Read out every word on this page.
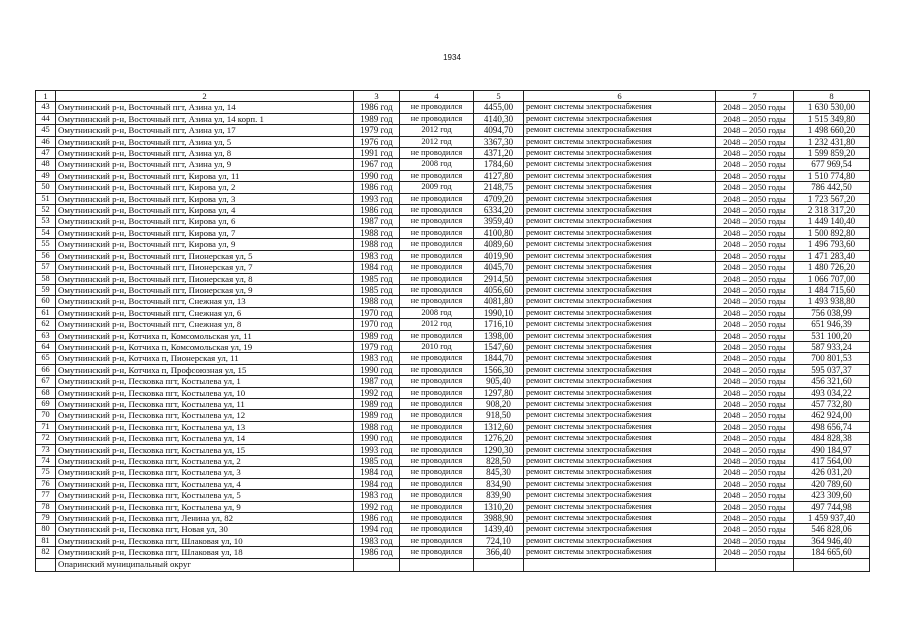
1934
1	2	3	4	5	6	7	8
43	Омутнинский р-н, Восточный пгт, Азина ул, 14	1986 год	не проводился	4455,00	ремонт системы электроснабжения	2048 – 2050 годы	1 630 530,00
44	Омутнинский р-н, Восточный пгт, Азина ул, 14 корп. 1	1989 год	не проводился	4140,30	ремонт системы электроснабжения	2048 – 2050 годы	1 515 349,80
45	Омутнинский р-н, Восточный пгт, Азина ул, 17	1979 год	2012 год	4094,70	ремонт системы электроснабжения	2048 – 2050 годы	1 498 660,20
46	Омутнинский р-н, Восточный пгт, Азина ул, 5	1976 год	2012 год	3367,30	ремонт системы электроснабжения	2048 – 2050 годы	1 232 431,80
47	Омутнинский р-н, Восточный пгт, Азина ул, 8	1991 год	не проводился	4371,20	ремонт системы электроснабжения	2048 – 2050 годы	1 599 859,20
48	Омутнинский р-н, Восточный пгт, Азина ул, 9	1967 год	2008 год	1784,60	ремонт системы электроснабжения	2048 – 2050 годы	677 969,54
49	Омутнинский р-н, Восточный пгт, Кирова ул, 11	1990 год	не проводился	4127,80	ремонт системы электроснабжения	2048 – 2050 годы	1 510 774,80
50	Омутнинский р-н, Восточный пгт, Кирова ул, 2	1986 год	2009 год	2148,75	ремонт системы электроснабжения	2048 – 2050 годы	786 442,50
51	Омутнинский р-н, Восточный пгт, Кирова ул, 3	1993 год	не проводился	4709,20	ремонт системы электроснабжения	2048 – 2050 годы	1 723 567,20
52	Омутнинский р-н, Восточный пгт, Кирова ул, 4	1986 год	не проводился	6334,20	ремонт системы электроснабжения	2048 – 2050 годы	2 318 317,20
53	Омутнинский р-н, Восточный пгт, Кирова ул, 6	1987 год	не проводился	3959,40	ремонт системы электроснабжения	2048 – 2050 годы	1 449 140,40
54	Омутнинский р-н, Восточный пгт, Кирова ул, 7	1988 год	не проводился	4100,80	ремонт системы электроснабжения	2048 – 2050 годы	1 500 892,80
55	Омутнинский р-н, Восточный пгт, Кирова ул, 9	1988 год	не проводился	4089,60	ремонт системы электроснабжения	2048 – 2050 годы	1 496 793,60
56	Омутнинский р-н, Восточный пгт, Пионерская ул, 5	1983 год	не проводился	4019,90	ремонт системы электроснабжения	2048 – 2050 годы	1 471 283,40
57	Омутнинский р-н, Восточный пгт, Пионерская ул, 7	1984 год	не проводился	4045,70	ремонт системы электроснабжения	2048 – 2050 годы	1 480 726,20
58	Омутнинский р-н, Восточный пгт, Пионерская ул, 8	1985 год	не проводился	2914,50	ремонт системы электроснабжения	2048 – 2050 годы	1 066 707,00
59	Омутнинский р-н, Восточный пгт, Пионерская ул, 9	1985 год	не проводился	4056,60	ремонт системы электроснабжения	2048 – 2050 годы	1 484 715,60
60	Омутнинский р-н, Восточный пгт, Снежная ул, 13	1988 год	не проводился	4081,80	ремонт системы электроснабжения	2048 – 2050 годы	1 493 938,80
61	Омутнинский р-н, Восточный пгт, Снежная ул, 6	1970 год	2008 год	1990,10	ремонт системы электроснабжения	2048 – 2050 годы	756 038,99
62	Омутнинский р-н, Восточный пгт, Снежная ул, 8	1970 год	2012 год	1716,10	ремонт системы электроснабжения	2048 – 2050 годы	651 946,39
63	Омутнинский р-н, Котчиха п, Комсомольская ул, 11	1989 год	не проводился	1398,00	ремонт системы электроснабжения	2048 – 2050 годы	531 100,20
64	Омутнинский р-н, Котчиха п, Комсомольская ул, 19	1979 год	2010 год	1547,60	ремонт системы электроснабжения	2048 – 2050 годы	587 933,24
65	Омутнинский р-н, Котчиха п, Пионерская ул, 11	1983 год	не проводился	1844,70	ремонт системы электроснабжения	2048 – 2050 годы	700 801,53
66	Омутнинский р-н, Котчиха п, Профсоюзная ул, 15	1990 год	не проводился	1566,30	ремонт системы электроснабжения	2048 – 2050 годы	595 037,37
67	Омутнинский р-н, Песковка пгт, Костылева ул, 1	1987 год	не проводился	905,40	ремонт системы электроснабжения	2048 – 2050 годы	456 321,60
68	Омутнинский р-н, Песковка пгт, Костылева ул, 10	1992 год	не проводился	1297,80	ремонт системы электроснабжения	2048 – 2050 годы	493 034,22
69	Омутнинский р-н, Песковка пгт, Костылева ул, 11	1989 год	не проводился	908,20	ремонт системы электроснабжения	2048 – 2050 годы	457 732,80
70	Омутнинский р-н, Песковка пгт, Костылева ул, 12	1989 год	не проводился	918,50	ремонт системы электроснабжения	2048 – 2050 годы	462 924,00
71	Омутнинский р-н, Песковка пгт, Костылева ул, 13	1988 год	не проводился	1312,60	ремонт системы электроснабжения	2048 – 2050 годы	498 656,74
72	Омутнинский р-н, Песковка пгт, Костылева ул, 14	1990 год	не проводился	1276,20	ремонт системы электроснабжения	2048 – 2050 годы	484 828,38
73	Омутнинский р-н, Песковка пгт, Костылева ул, 15	1993 год	не проводился	1290,30	ремонт системы электроснабжения	2048 – 2050 годы	490 184,97
74	Омутнинский р-н, Песковка пгт, Костылева ул, 2	1985 год	не проводился	828,50	ремонт системы электроснабжения	2048 – 2050 годы	417 564,00
75	Омутнинский р-н, Песковка пгт, Костылева ул, 3	1984 год	не проводился	845,30	ремонт системы электроснабжения	2048 – 2050 годы	426 031,20
76	Омутнинский р-н, Песковка пгт, Костылева ул, 4	1984 год	не проводился	834,90	ремонт системы электроснабжения	2048 – 2050 годы	420 789,60
77	Омутнинский р-н, Песковка пгт, Костылева ул, 5	1983 год	не проводился	839,90	ремонт системы электроснабжения	2048 – 2050 годы	423 309,60
78	Омутнинский р-н, Песковка пгт, Костылева ул, 9	1992 год	не проводился	1310,20	ремонт системы электроснабжения	2048 – 2050 годы	497 744,98
79	Омутнинский р-н, Песковка пгт, Ленина ул, 82	1986 год	не проводился	3988,90	ремонт системы электроснабжения	2048 – 2050 годы	1 459 937,40
80	Омутнинский р-н, Песковка пгт, Новая ул, 30	1994 год	не проводился	1439,40	ремонт системы электроснабжения	2048 – 2050 годы	546 828,06
81	Омутнинский р-н, Песковка пгт, Шлаковая ул, 10	1983 год	не проводился	724,10	ремонт системы электроснабжения	2048 – 2050 годы	364 946,40
82	Омутнинский р-н, Песковка пгт, Шлаковая ул, 18	1986 год	не проводился	366,40	ремонт системы электроснабжения	2048 – 2050 годы	184 665,60
	Опаринский муниципальный округ						
